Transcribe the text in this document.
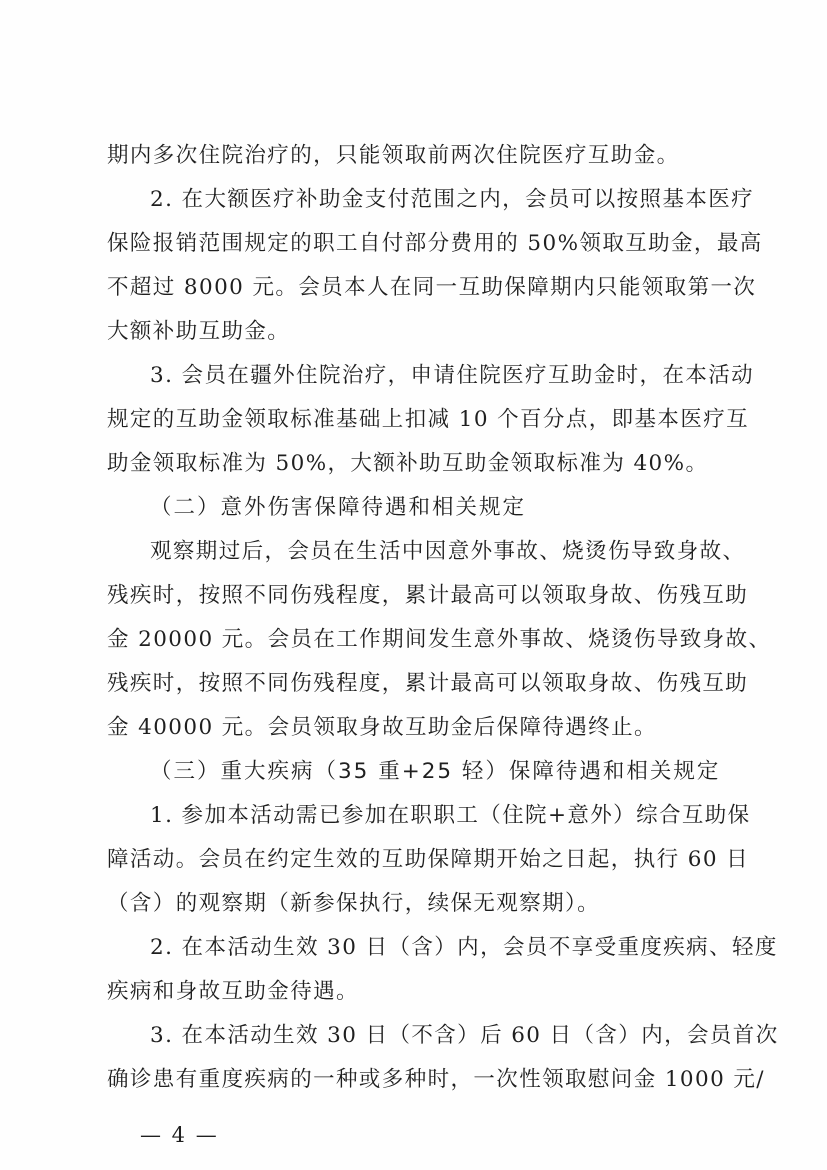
期内多次住院治疗的，只能领取前两次住院医疗互助金。
2. 在大额医疗补助金支付范围之内，会员可以按照基本医疗
保险报销范围规定的职工自付部分费用的 50%领取互助金，最高
不超过 8000 元。会员本人在同一互助保障期内只能领取第一次
大额补助互助金。
3. 会员在疆外住院治疗，申请住院医疗互助金时，在本活动
规定的互助金领取标准基础上扣减 10 个百分点，即基本医疗互
助金领取标准为 50%，大额补助互助金领取标准为 40%。
（二）意外伤害保障待遇和相关规定
观察期过后，会员在生活中因意外事故、烧烫伤导致身故、
残疾时，按照不同伤残程度，累计最高可以领取身故、伤残互助
金 20000 元。会员在工作期间发生意外事故、烧烫伤导致身故、
残疾时，按照不同伤残程度，累计最高可以领取身故、伤残互助
金 40000 元。会员领取身故互助金后保障待遇终止。
（三）重大疾病（35 重+25 轻）保障待遇和相关规定
1. 参加本活动需已参加在职职工（住院+意外）综合互助保
障活动。会员在约定生效的互助保障期开始之日起，执行 60 日
（含）的观察期（新参保执行，续保无观察期）。
2. 在本活动生效 30 日（含）内，会员不享受重度疾病、轻度
疾病和身故互助金待遇。
3. 在本活动生效 30 日（不含）后 60 日（含）内，会员首次
确诊患有重度疾病的一种或多种时，一次性领取慰问金 1000 元/
— 4 —
